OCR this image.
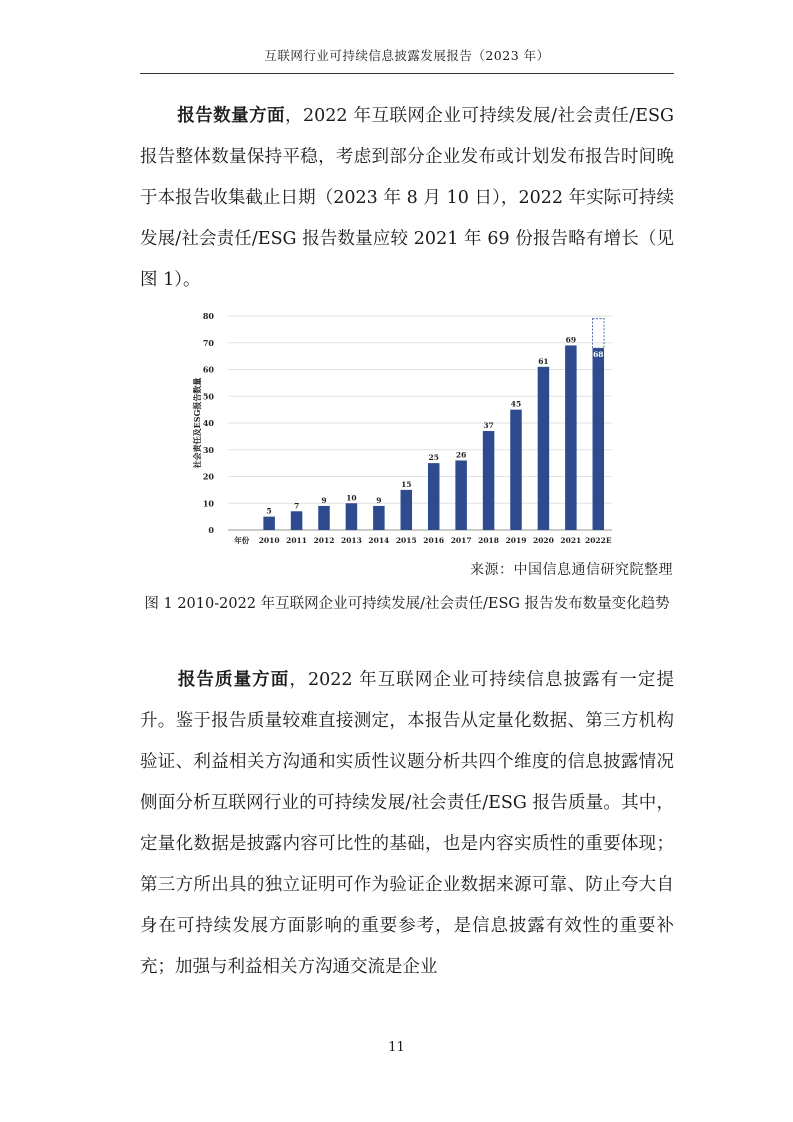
互联网行业可持续信息披露发展报告（2023 年）
报告数量方面，2022 年互联网企业可持续发展/社会责任/ESG 报告整体数量保持平稳，考虑到部分企业发布或计划发布报告时间晚于本报告收集截止日期（2023 年 8 月 10 日），2022 年实际可持续发展/社会责任/ESG 报告数量应较 2021 年 69 份报告略有增长（见图 1）。
0
10
20
30
40
50
60
70
80
社会责任及ESG报告数量
年份
5
2010
7
2011
9
2012
10
2013
9
2014
15
2015
25
2016
26
2017
37
2018
45
2019
61
2020
69
2021
68
2022E
来源：中国信息通信研究院整理
图 1 2010-2022 年互联网企业可持续发展/社会责任/ESG 报告发布数量变化趋势
报告质量方面，2022 年互联网企业可持续信息披露有一定提升。鉴于报告质量较难直接测定，本报告从定量化数据、第三方机构验证、利益相关方沟通和实质性议题分析共四个维度的信息披露情况侧面分析互联网行业的可持续发展/社会责任/ESG 报告质量。其中，定量化数据是披露内容可比性的基础，也是内容实质性的重要体现；第三方所出具的独立证明可作为验证企业数据来源可靠、防止夸大自身在可持续发展方面影响的重要参考，是信息披露有效性的重要补充；加强与利益相关方沟通交流是企业
11
